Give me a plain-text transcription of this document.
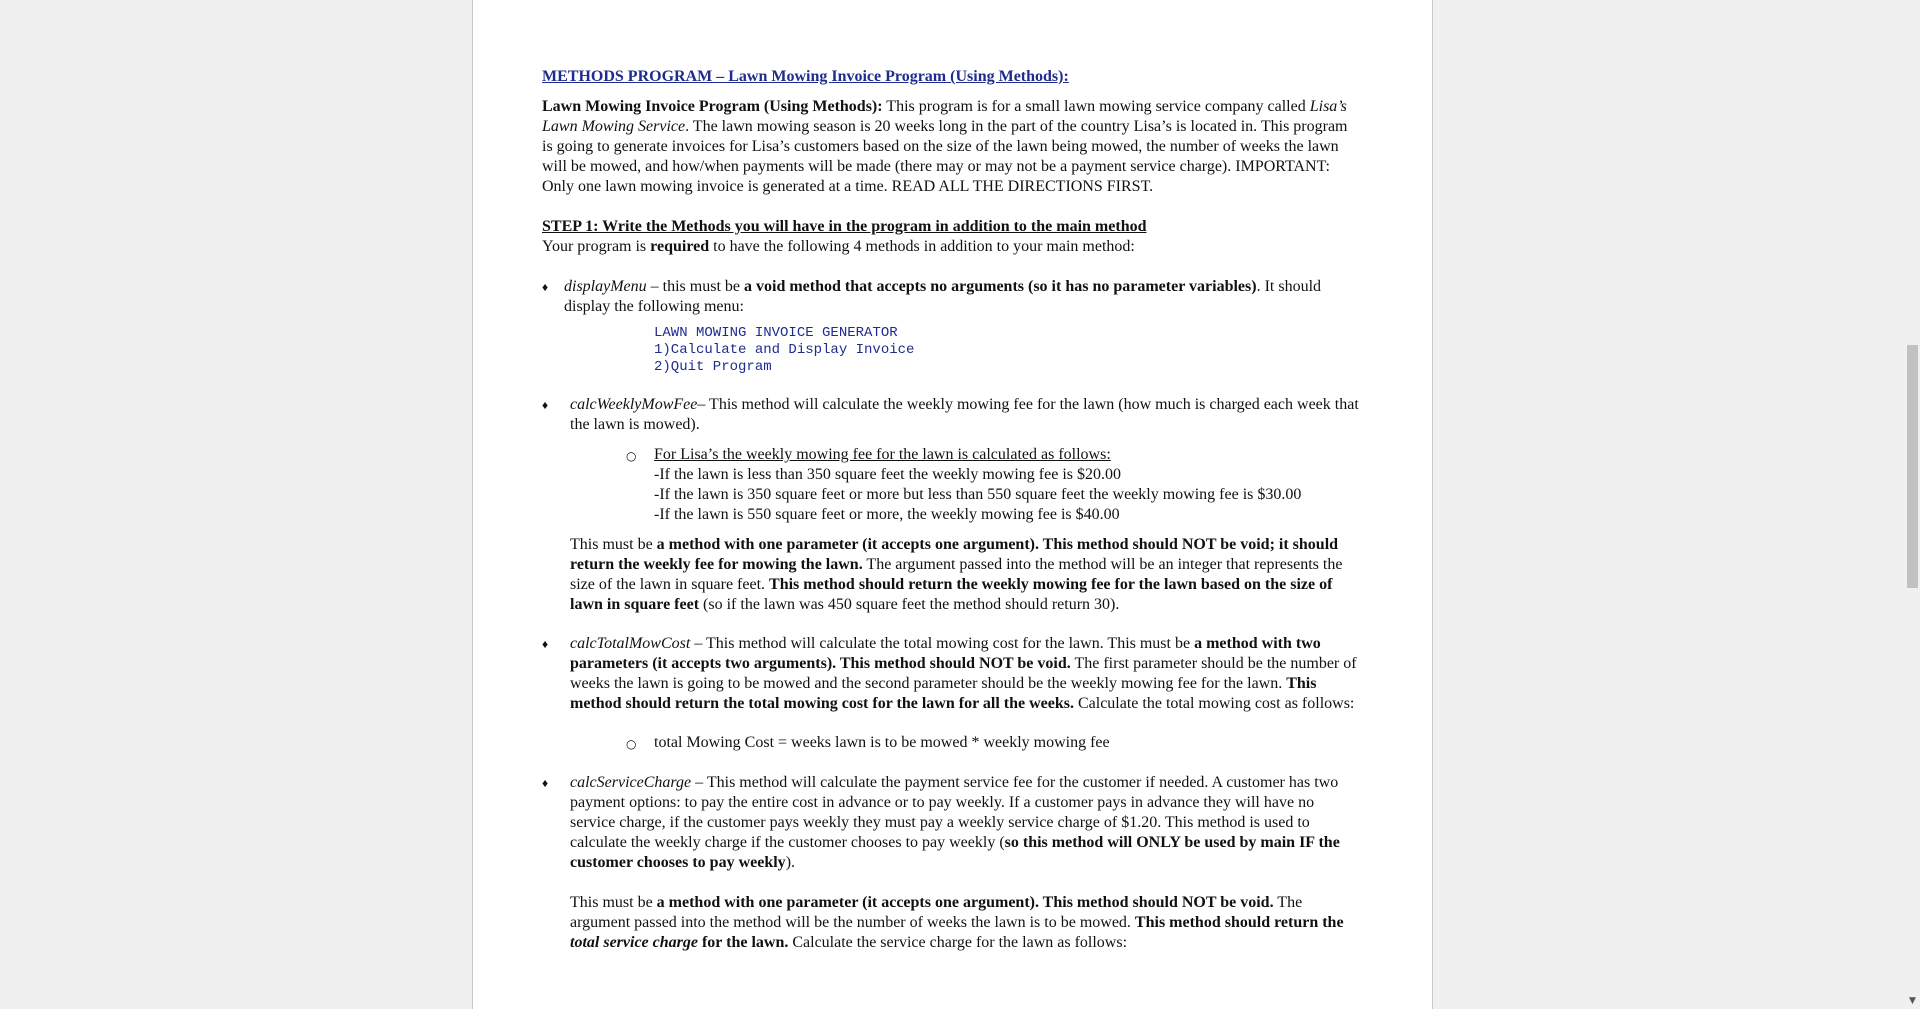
METHODS PROGRAM – Lawn Mowing Invoice Program (Using Methods):

Lawn Mowing Invoice Program (Using Methods): This program is for a small lawn mowing service company called Lisa’s Lawn Mowing Service. The lawn mowing season is 20 weeks long in the part of the country Lisa’s is located in. This program is going to generate invoices for Lisa’s customers based on the size of the lawn being mowed, the number of weeks the lawn will be mowed, and how/when payments will be made (there may or may not be a payment service charge). IMPORTANT: Only one lawn mowing invoice is generated at a time. READ ALL THE DIRECTIONS FIRST.

STEP 1: Write the Methods you will have in the program in addition to the main method

Your program is required to have the following 4 methods in addition to your main method:

♦ displayMenu – this must be a void method that accepts no arguments (so it has no parameter variables). It should display the following menu:

LAWN MOWING INVOICE GENERATOR
1)Calculate and Display Invoice
2)Quit Program
♦ calcWeeklyMowFee– This method will calculate the weekly mowing fee for the lawn (how much is charged each week that the lawn is mowed).

○ For Lisa’s the weekly mowing fee for the lawn is calculated as follows:
-If the lawn is less than 350 square feet the weekly mowing fee is $20.00
-If the lawn is 350 square feet or more but less than 550 square feet the weekly mowing fee is $30.00
-If the lawn is 550 square feet or more, the weekly mowing fee is $40.00

This must be a method with one parameter (it accepts one argument). This method should NOT be void; it should return the weekly fee for mowing the lawn. The argument passed into the method will be an integer that represents the size of the lawn in square feet. This method should return the weekly mowing fee for the lawn based on the size of lawn in square feet (so if the lawn was 450 square feet the method should return 30).

♦ calcTotalMowCost – This method will calculate the total mowing cost for the lawn. This must be a method with two parameters (it accepts two arguments). This method should NOT be void. The first parameter should be the number of weeks the lawn is going to be mowed and the second parameter should be the weekly mowing fee for the lawn. This method should return the total mowing cost for the lawn for all the weeks. Calculate the total mowing cost as follows:

○ total Mowing Cost = weeks lawn is to be mowed * weekly mowing fee
♦ calcServiceCharge – This method will calculate the payment service fee for the customer if needed. A customer has two payment options: to pay the entire cost in advance or to pay weekly. If a customer pays in advance they will have no service charge, if the customer pays weekly they must pay a weekly service charge of $1.20. This method is used to calculate the weekly charge if the customer chooses to pay weekly (so this method will ONLY be used by main IF the customer chooses to pay weekly).

This must be a method with one parameter (it accepts one argument). This method should NOT be void. The argument passed into the method will be the number of weeks the lawn is to be mowed. This method should return the total service charge for the lawn. Calculate the service charge for the lawn as follows:

▼
